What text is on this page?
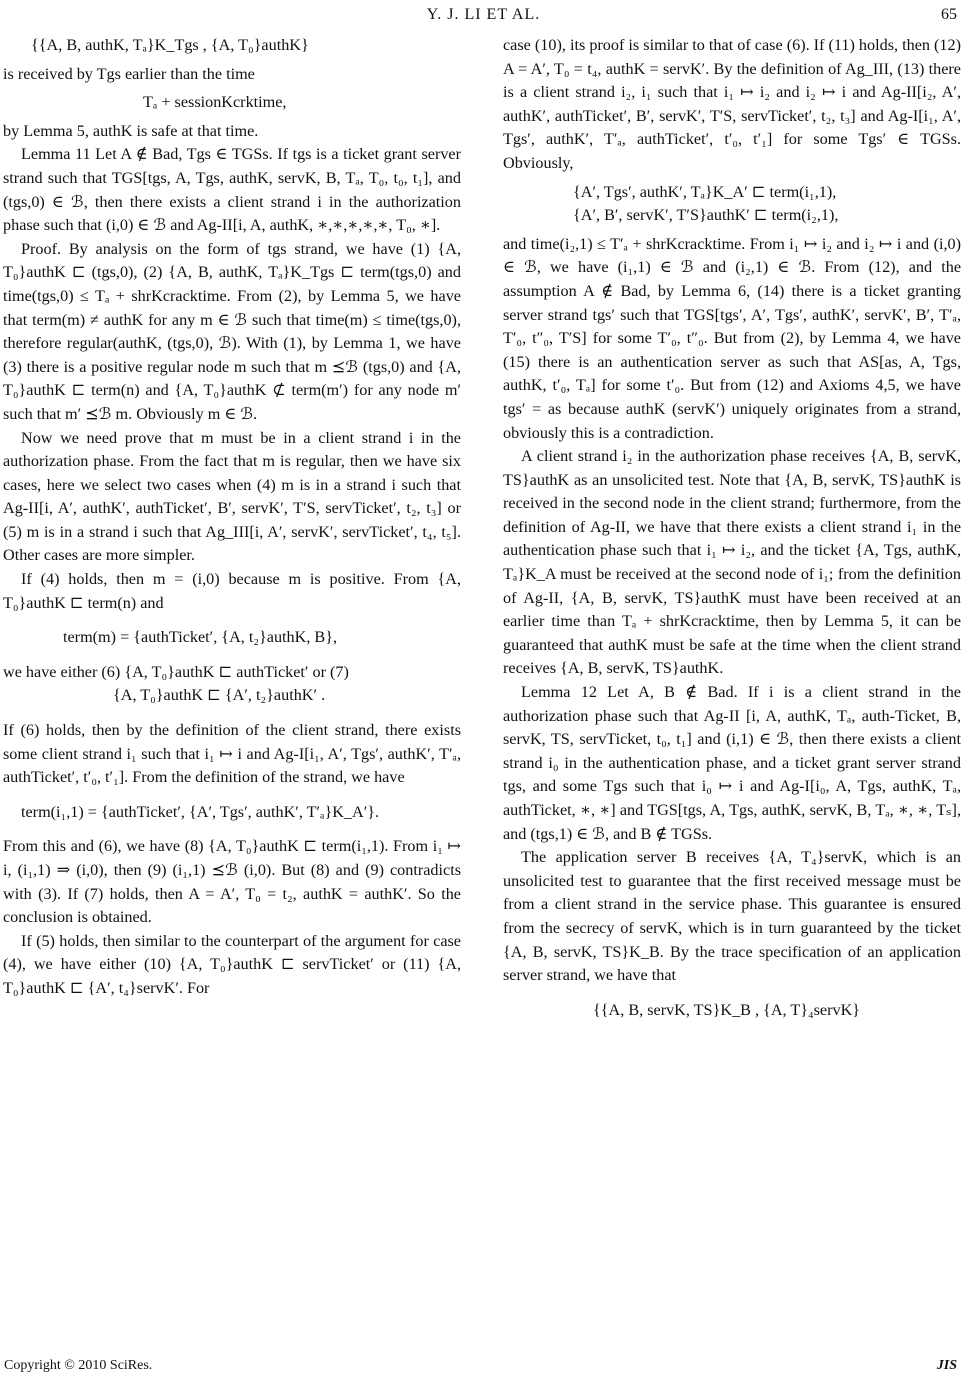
Y. J. LI ET AL.	65

{{A, B, authK, Tₐ}K_Tgs , {A, T₀}authK}

is received by Tgs earlier than the time

Tₐ + sessionKcrktime,

by Lemma 5, authK is safe at that time.

Lemma 11 Let A ∉ Bad, Tgs ∈ TGSs. If tgs is a ticket grant server strand such that TGS[tgs, A, Tgs, authK, servK, B, Tₐ, T₀, t₀, t₁], and (tgs,0) ∈ ℬ, then there exists a client strand i in the authorization phase such that (i,0) ∈ ℬ and Ag-II[i, A, authK, ∗,∗,∗,∗,∗, T₀, ∗].

Proof. By analysis on the form of tgs strand, we have (1) {A, T₀}authK ⊏ (tgs,0), (2) {A, B, authK, Tₐ}K_Tgs ⊏ term(tgs,0) and time(tgs,0) ≤ Tₐ + shrKcracktime. From (2), by Lemma 5, we have that term(m) ≠ authK for any m ∈ ℬ such that time(m) ≤ time(tgs,0), therefore regular(authK, (tgs,0), ℬ). With (1), by Lemma 1, we have (3) there is a positive regular node m such that m ⪯ℬ (tgs,0) and {A, T₀}authK ⊏ term(n) and {A, T₀}authK ⊄ term(m′) for any node m′ such that m′ ⪯ℬ m. Obviously m ∈ ℬ.

Now we need prove that m must be in a client strand i in the authorization phase. From the fact that m is regular, then we have six cases, here we select two cases when (4) m is in a strand i such that Ag-II[i, A′, authK′, authTicket′, B′, servK′, T′S, servTicket′, t₂, t₃] or (5) m is in a strand i such that Ag_III[i, A′, servK′, servTicket′, t₄, t₅]. Other cases are more simpler.

If (4) holds, then m = (i,0) because m is positive. From {A, T₀}authK ⊏ term(n) and

term(m) = {authTicket′, {A, t₂}authK, B},

we have either (6) {A, T₀}authK ⊏ authTicket′ or (7)

{A, T₀}authK ⊏ {A′, t₂}authK′ .

If (6) holds, then by the definition of the client strand, there exists some client strand i₁ such that i₁ ↦ i and Ag-I[i₁, A′, Tgs′, authK′, T′ₐ, authTicket′, t′₀, t′₁]. From the definition of the strand, we have

term(i₁,1) = {authTicket′, {A′, Tgs′, authK′, T′ₐ}K_A′}.

From this and (6), we have (8) {A, T₀}authK ⊏ term(i₁,1). From i₁ ↦ i, (i₁,1) ⇒ (i,0), then (9) (i₁,1) ⪯ℬ (i,0). But (8) and (9) contradicts with (3). If (7) holds, then A = A′, T₀ = t₂, authK = authK′. So the conclusion is obtained.

If (5) holds, then similar to the counterpart of the argument for case (4), we have either (10) {A, T₀}authK ⊏ servTicket′ or (11) {A, T₀}authK ⊏ {A′, t₄}servK′. For

case (10), its proof is similar to that of case (6). If (11) holds, then (12) A = A′, T₀ = t₄, authK = servK′. By the definition of Ag_III, (13) there is a client strand i₂, i₁ such that i₁ ↦ i₂ and i₂ ↦ i and Ag-II[i₂, A′, authK′, authTicket′, B′, servK′, T′S, servTicket′, t₂, t₃] and Ag-I[i₁, A′, Tgs′, authK′, T′ₐ, authTicket′, t′₀, t′₁] for some Tgs′ ∈ TGSs. Obviously,

{A′, Tgs′, authK′, Tₐ}K_A′ ⊏ term(i₁,1),

{A′, B′, servK′, T′S}authK′ ⊏ term(i₂,1),

and time(i₂,1) ≤ T′ₐ + shrKcracktime. From i₁ ↦ i₂ and i₂ ↦ i and (i,0) ∈ ℬ, we have (i₁,1) ∈ ℬ and (i₂,1) ∈ ℬ. From (12), and the assumption A ∉ Bad, by Lemma 6, (14) there is a ticket granting server strand tgs′ such that TGS[tgs′, A′, Tgs′, authK′, servK′, B′, T′ₐ, T′₀, t″₀, T′S] for some T′₀, t″₀. But from (2), by Lemma 4, we have (15) there is an authentication server as such that AS[as, A, Tgs, authK, t′₀, Tₐ] for some t′₀. But from (12) and Axioms 4,5, we have tgs′ = as because authK (servK′) uniquely originates from a strand, obviously this is a contradiction.

A client strand i₂ in the authorization phase receives {A, B, servK, TS}authK as an unsolicited test. Note that {A, B, servK, TS}authK is received in the second node in the client strand; furthermore, from the definition of Ag-II, we have that there exists a client strand i₁ in the authentication phase such that i₁ ↦ i₂, and the ticket {A, Tgs, authK, Tₐ}K_A must be received at the second node of i₁; from the definition of Ag-II, {A, B, servK, TS}authK must have been received at an earlier time than Tₐ + shrKcracktime, then by Lemma 5, it can be guaranteed that authK must be safe at the time when the client strand receives {A, B, servK, TS}authK.

Lemma 12 Let A, B ∉ Bad. If i is a client strand in the authorization phase such that Ag-II [i, A, authK, Tₐ, auth-Ticket, B, servK, TS, servTicket, t₀, t₁] and (i,1) ∈ ℬ, then there exists a client strand i₀ in the authentication phase, and a ticket grant server strand tgs, and some Tgs such that i₀ ↦ i and Ag-I[i₀, A, Tgs, authK, Tₐ, authTicket, ∗, ∗] and TGS[tgs, A, Tgs, authK, servK, B, Tₐ, ∗, ∗, Tₛ], and (tgs,1) ∈ ℬ, and B ∉ TGSs.

The application server B receives {A, T₄}servK, which is an unsolicited test to guarantee that the first received message must be from a client strand in the service phase. This guarantee is ensured from the secrecy of servK, which is in turn guaranteed by the ticket {A, B, servK, TS}K_B. By the trace specification of an application server strand, we have that

{{A, B, servK, TS}K_B , {A, T}₄servK}

Copyright © 2010 SciRes.	JIS
